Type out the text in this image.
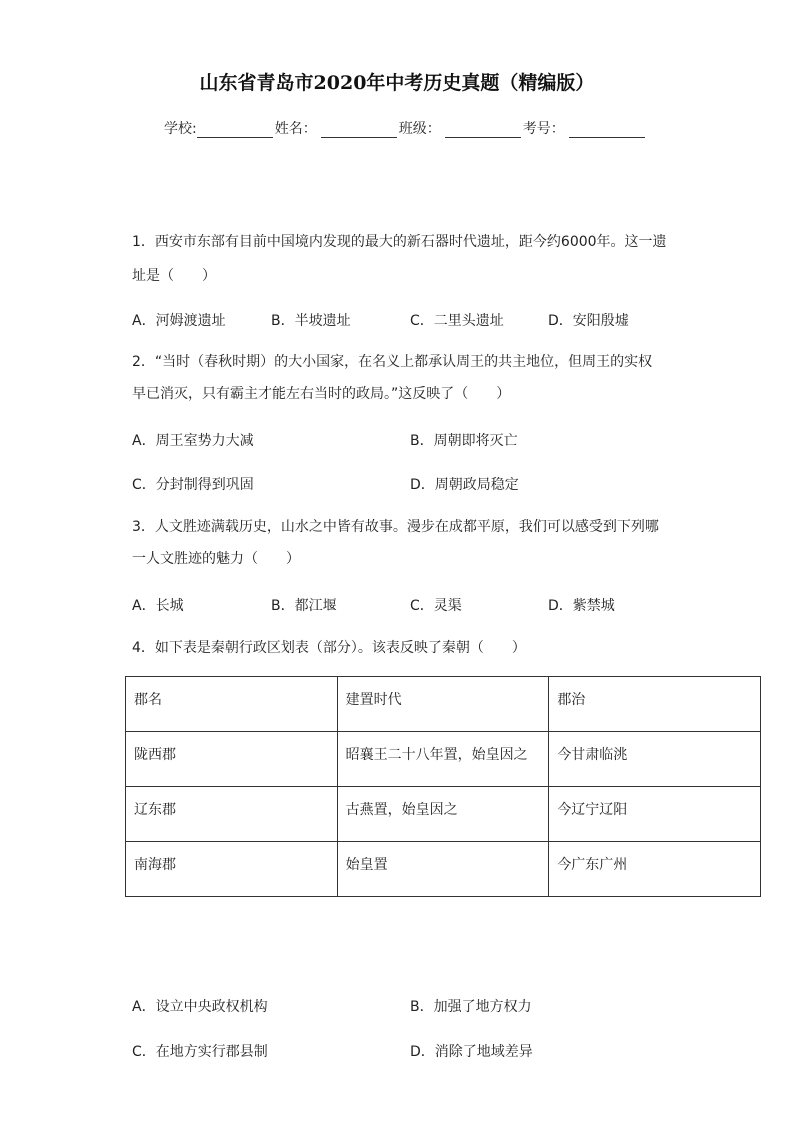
山东省青岛市2020年中考历史真题（精编版）
学校:	姓名：	班级：	考号：
1．西安市东部有目前中国境内发现的最大的新石器时代遗址，距今约6000年。这一遗
址是（　　）
A．河姆渡遗址	B．半坡遗址	C．二里头遗址	D．安阳殷墟
2．“当时（春秋时期）的大小国家，在名义上都承认周王的共主地位，但周王的实权
早已消灭，只有霸主才能左右当时的政局。”这反映了（　　）
A．周王室势力大减	B．周朝即将灭亡
C．分封制得到巩固	D．周朝政局稳定
3．人文胜迹满载历史，山水之中皆有故事。漫步在成都平原，我们可以感受到下列哪
一人文胜迹的魅力（　　）
A．长城	B．都江堰	C．灵渠	D．紫禁城
4．如下表是秦朝行政区划表（部分）。该表反映了秦朝（　　）
郡名	建置时代	郡治
陇西郡	昭襄王二十八年置，始皇因之	今甘肃临洮
辽东郡	古燕置，始皇因之	今辽宁辽阳
南海郡	始皇置	今广东广州
A．设立中央政权机构	B．加强了地方权力
C．在地方实行郡县制	D．消除了地域差异
